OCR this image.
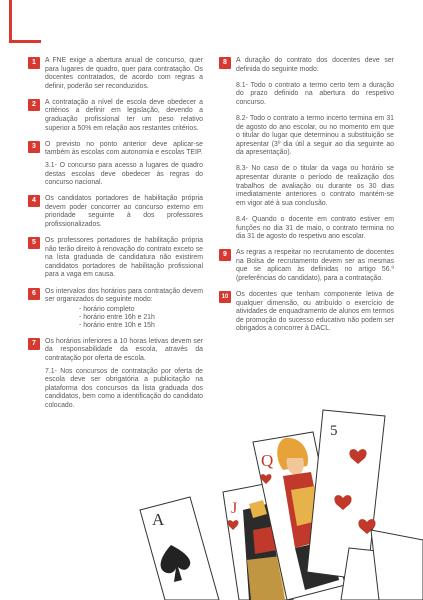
1	A FNE exige a abertura anual de concurso, quer para lugares de quadro, quer para contratação. Os docentes contratados, de acordo com regras a definir, poderão ser reconduzidos.
2	A contratação a nível de escola deve obedecer a critérios a definir em legislação, devendo a graduação profissional ter um peso relativo superior a 50% em relação aos restantes critérios.
3	O previsto no ponto anterior deve aplicar-se também às escolas com autonomia e escolas TEIP.
3.1- O concurso para acesso a lugares de quadro destas escolas deve obedecer às regras do concurso nacional.
4	Os candidatos portadores de habilitação própria devem poder concorrer ao concurso externo em prioridade seguinte à dos professores profissionalizados.
5	Os professores portadores de habilitação própria não terão direito à renovação do contrato exceto se na lista graduada de candidatura não existirem candidatos portadores de habilitação profissional para a vaga em causa.
6	Os intervalos dos horários para contratação devem ser organizados do seguinte modo:
- horário completo
- horário entre 16h e 21h
- horário entre 10h e 15h
7	Os horários inferiores a 10 horas letivas devem ser da responsabilidade da escola, através da contratação por oferta de escola.
7.1- Nos concursos de contratação por oferta de escola deve ser obrigatória a publicitação na plataforma dos concursos da lista graduada dos candidatos, bem como a identificação do candidato colocado.
8	A duração do contrato dos docentes deve ser definida do seguinte modo:
8.1- Todo o contrato a termo certo tem a duração do prazo definido na abertura do respetivo concurso.
8.2- Todo o contrato a termo incerto termina em 31 de agosto do ano escolar, ou no momento em que o titular do lugar que determinou a substituição se apresentar (3º dia útil a seguir ao dia seguinte ao da apresentação).
8.3- No caso de o titular da vaga ou horário se apresentar durante o período de realização dos trabalhos de avaliação ou durante os 30 dias imediatamente anteriores o contrato mantém-se em vigor até à sua conclusão.
8.4- Quando o docente em contrato estiver em funções no dia 31 de maio, o contrato termina no dia 31 de agosto do respetivo ano escolar.
9	As regras a respeitar no recrutamento de docentes na Bolsa de recrutamento devem ser as mesmas que se aplicam às definidas no artigo 56.º (preferências do candidato), para a contratação.
10	Os docentes que tenham componente letiva de qualquer dimensão, ou atribuído o exercício de atividades de enquadramento de alunos em termos de promoção do sucesso educativo não podem ser obrigados a concorrer à DACL.
A
J
Q
5
